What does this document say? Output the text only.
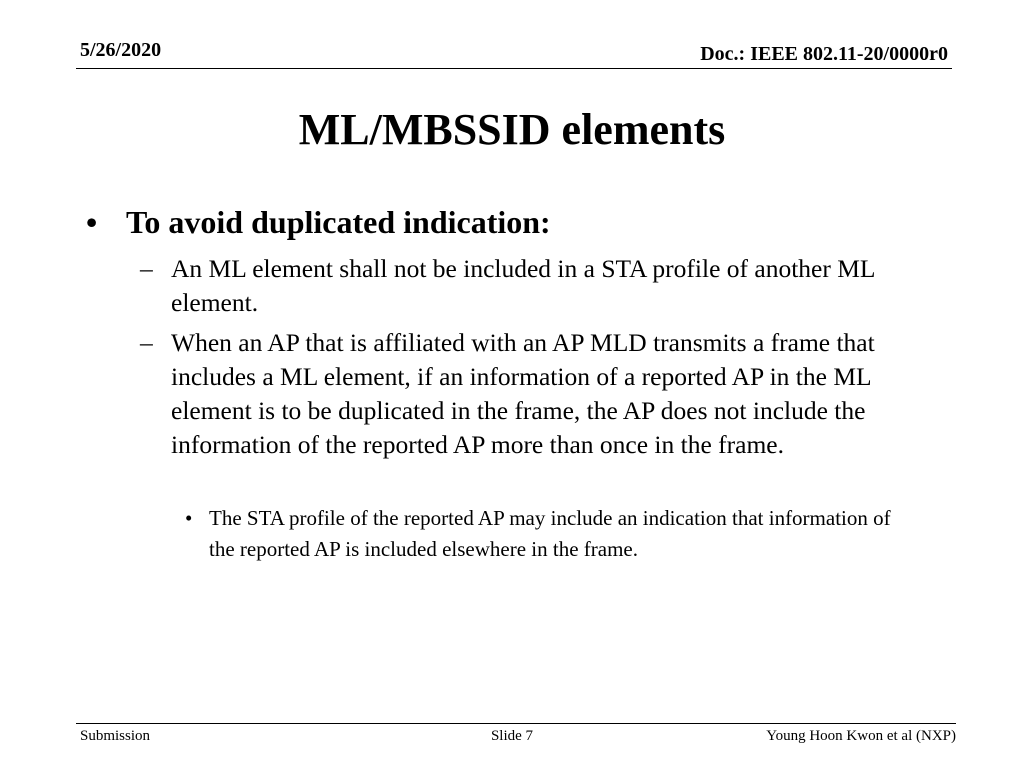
5/26/2020	Doc.: IEEE 802.11-20/0000r0
ML/MBSSID elements
• To avoid duplicated indication:
– An ML element shall not be included in a STA profile of another ML element.
– When an AP that is affiliated with an AP MLD transmits a frame that includes a ML element, if an information of a reported AP in the ML element is to be duplicated in the frame, the AP does not include the information of the reported AP more than once in the frame.
• The STA profile of the reported AP may include an indication that information of the reported AP is included elsewhere in the frame.
Submission	Slide 7	Young Hoon Kwon et al (NXP)
